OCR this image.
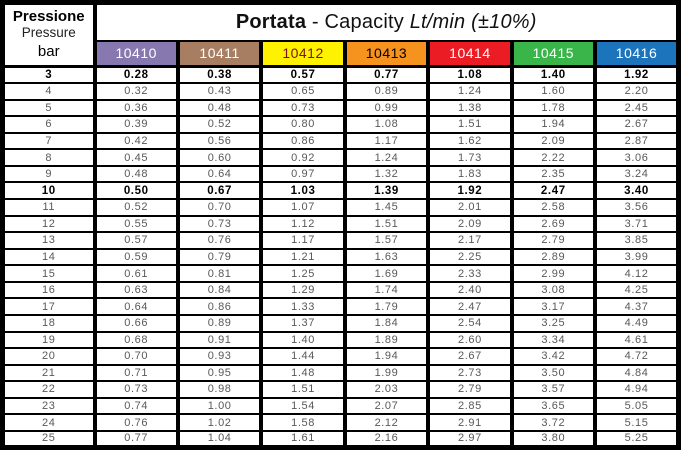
Pressione
Pressure
bar	Portata - Capacity Lt/min (±10%)						
	10410	10411	10412	10413	10414	10415	10416
3	0.28	0.38	0.57	0.77	1.08	1.40	1.92
4	0.32	0.43	0.65	0.89	1.24	1.60	2.20
5	0.36	0.48	0.73	0.99	1.38	1.78	2.45
6	0.39	0.52	0.80	1.08	1.51	1.94	2.67
7	0.42	0.56	0.86	1.17	1.62	2.09	2.87
8	0.45	0.60	0.92	1.24	1.73	2.22	3.06
9	0.48	0.64	0.97	1.32	1.83	2.35	3.24
10	0.50	0.67	1.03	1.39	1.92	2.47	3.40
11	0.52	0.70	1.07	1.45	2.01	2.58	3.56
12	0.55	0.73	1.12	1.51	2.09	2.69	3.71
13	0.57	0.76	1.17	1.57	2.17	2.79	3.85
14	0.59	0.79	1.21	1.63	2.25	2.89	3.99
15	0.61	0.81	1.25	1.69	2.33	2.99	4.12
16	0.63	0.84	1.29	1.74	2.40	3.08	4.25
17	0.64	0.86	1.33	1.79	2.47	3.17	4.37
18	0.66	0.89	1.37	1.84	2.54	3.25	4.49
19	0.68	0.91	1.40	1.89	2.60	3.34	4.61
20	0.70	0.93	1.44	1.94	2.67	3.42	4.72
21	0.71	0.95	1.48	1.99	2.73	3.50	4.84
22	0.73	0.98	1.51	2.03	2.79	3.57	4.94
23	0.74	1.00	1.54	2.07	2.85	3.65	5.05
24	0.76	1.02	1.58	2.12	2.91	3.72	5.15
25	0.77	1.04	1.61	2.16	2.97	3.80	5.25
